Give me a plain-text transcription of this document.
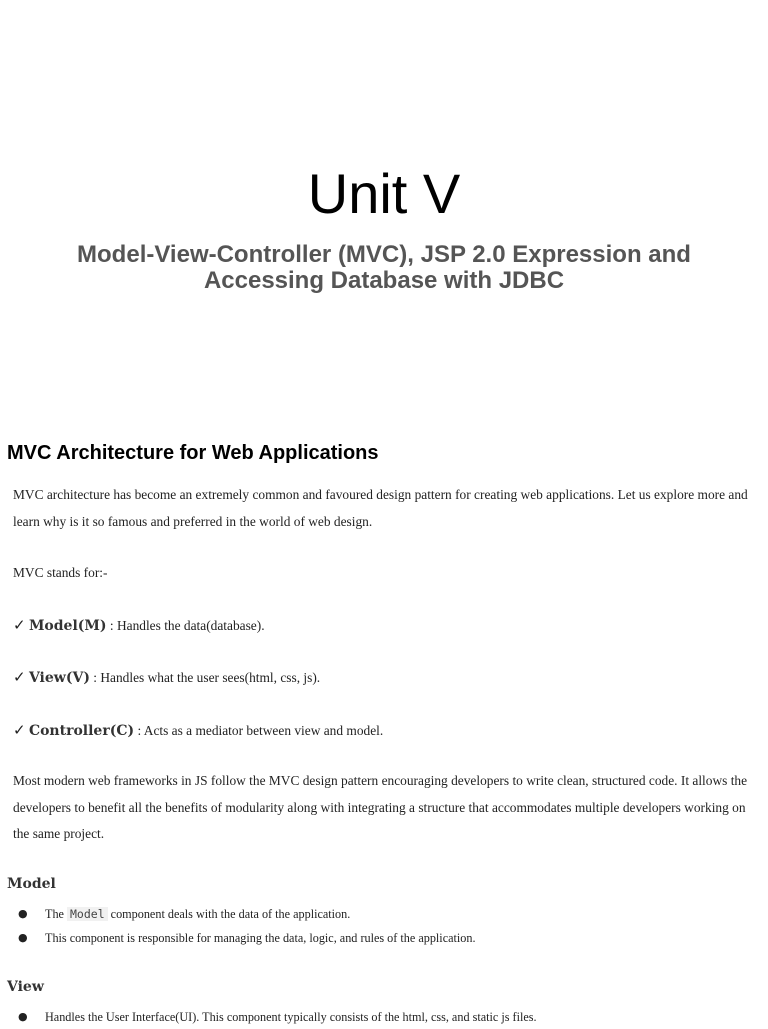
Unit V
Model-View-Controller (MVC), JSP 2.0 Expression and Accessing Database with JDBC
MVC Architecture for Web Applications

MVC architecture has become an extremely common and favoured design pattern for creating web applications. Let us explore more and learn why is it so famous and preferred in the world of web design.

MVC stands for:-

✓ Model(M) : Handles the data(database).
✓ View(V) : Handles what the user sees(html, css, js).
✓ Controller(C) : Acts as a mediator between view and model.

Most modern web frameworks in JS follow the MVC design pattern encouraging developers to write clean, structured code. It allows the developers to benefit all the benefits of modularity along with integrating a structure that accommodates multiple developers working on the same project.

Model
● The Model component deals with the data of the application.
● This component is responsible for managing the data, logic, and rules of the application.
View
● Handles the User Interface(UI). This component typically consists of the html, css, and static js files.
